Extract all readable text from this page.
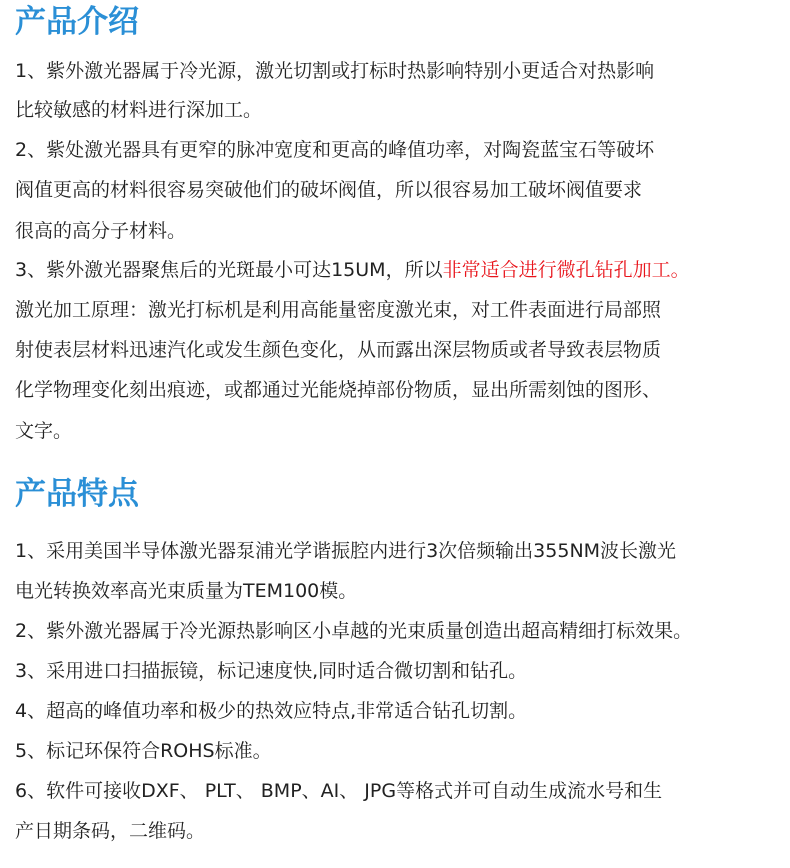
产品介绍
1、紫外激光器属于冷光源，激光切割或打标时热影响特别小更适合对热影响
比较敏感的材料进行深加工。
2、紫处激光器具有更窄的脉冲宽度和更高的峰值功率，对陶瓷蓝宝石等破坏
阀值更高的材料很容易突破他们的破坏阀值，所以很容易加工破坏阀值要求
很高的高分子材料。
3、紫外激光器聚焦后的光斑最小可达15UM，所以非常适合进行微孔钻孔加工。
激光加工原理：激光打标机是利用高能量密度激光束，对工件表面进行局部照
射使表层材料迅速汽化或发生颜色变化，从而露出深层物质或者导致表层物质
化学物理变化刻出痕迹，或都通过光能烧掉部份物质，显出所需刻蚀的图形、
文字。
产品特点
1、采用美国半导体激光器泵浦光学谐振腔内进行3次倍频输出355NM波长激光
电光转换效率高光束质量为TEM100模。
2、紫外激光器属于冷光源热影响区小卓越的光束质量创造出超高精细打标效果。
3、采用进口扫描振镜，标记速度快,同时适合微切割和钻孔。
4、超高的峰值功率和极少的热效应特点,非常适合钻孔切割。
5、标记环保符合ROHS标准。
6、软件可接收DXF、 PLT、 BMP、AI、 JPG等格式并可自动生成流水号和生
产日期条码，二维码。
